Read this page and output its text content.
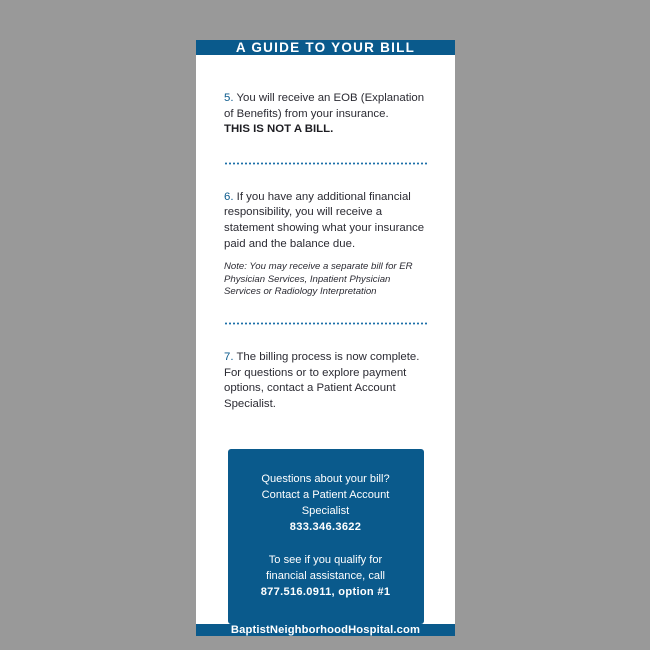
A GUIDE TO YOUR BILL
5. You will receive an EOB (Explanation of Benefits) from your insurance.
THIS IS NOT A BILL.
6. If you have any additional financial responsibility, you will receive a statement showing what your insurance paid and the balance due.
Note: You may receive a separate bill for ER Physician Services, Inpatient Physician Services or Radiology Interpretation
7. The billing process is now complete. For questions or to explore payment options, contact a Patient Account Specialist.
Questions about your bill?
Contact a Patient Account Specialist
833.346.3622
To see if you qualify for
financial assistance, call
877.516.0911, option #1
BaptistNeighborhoodHospital.com
